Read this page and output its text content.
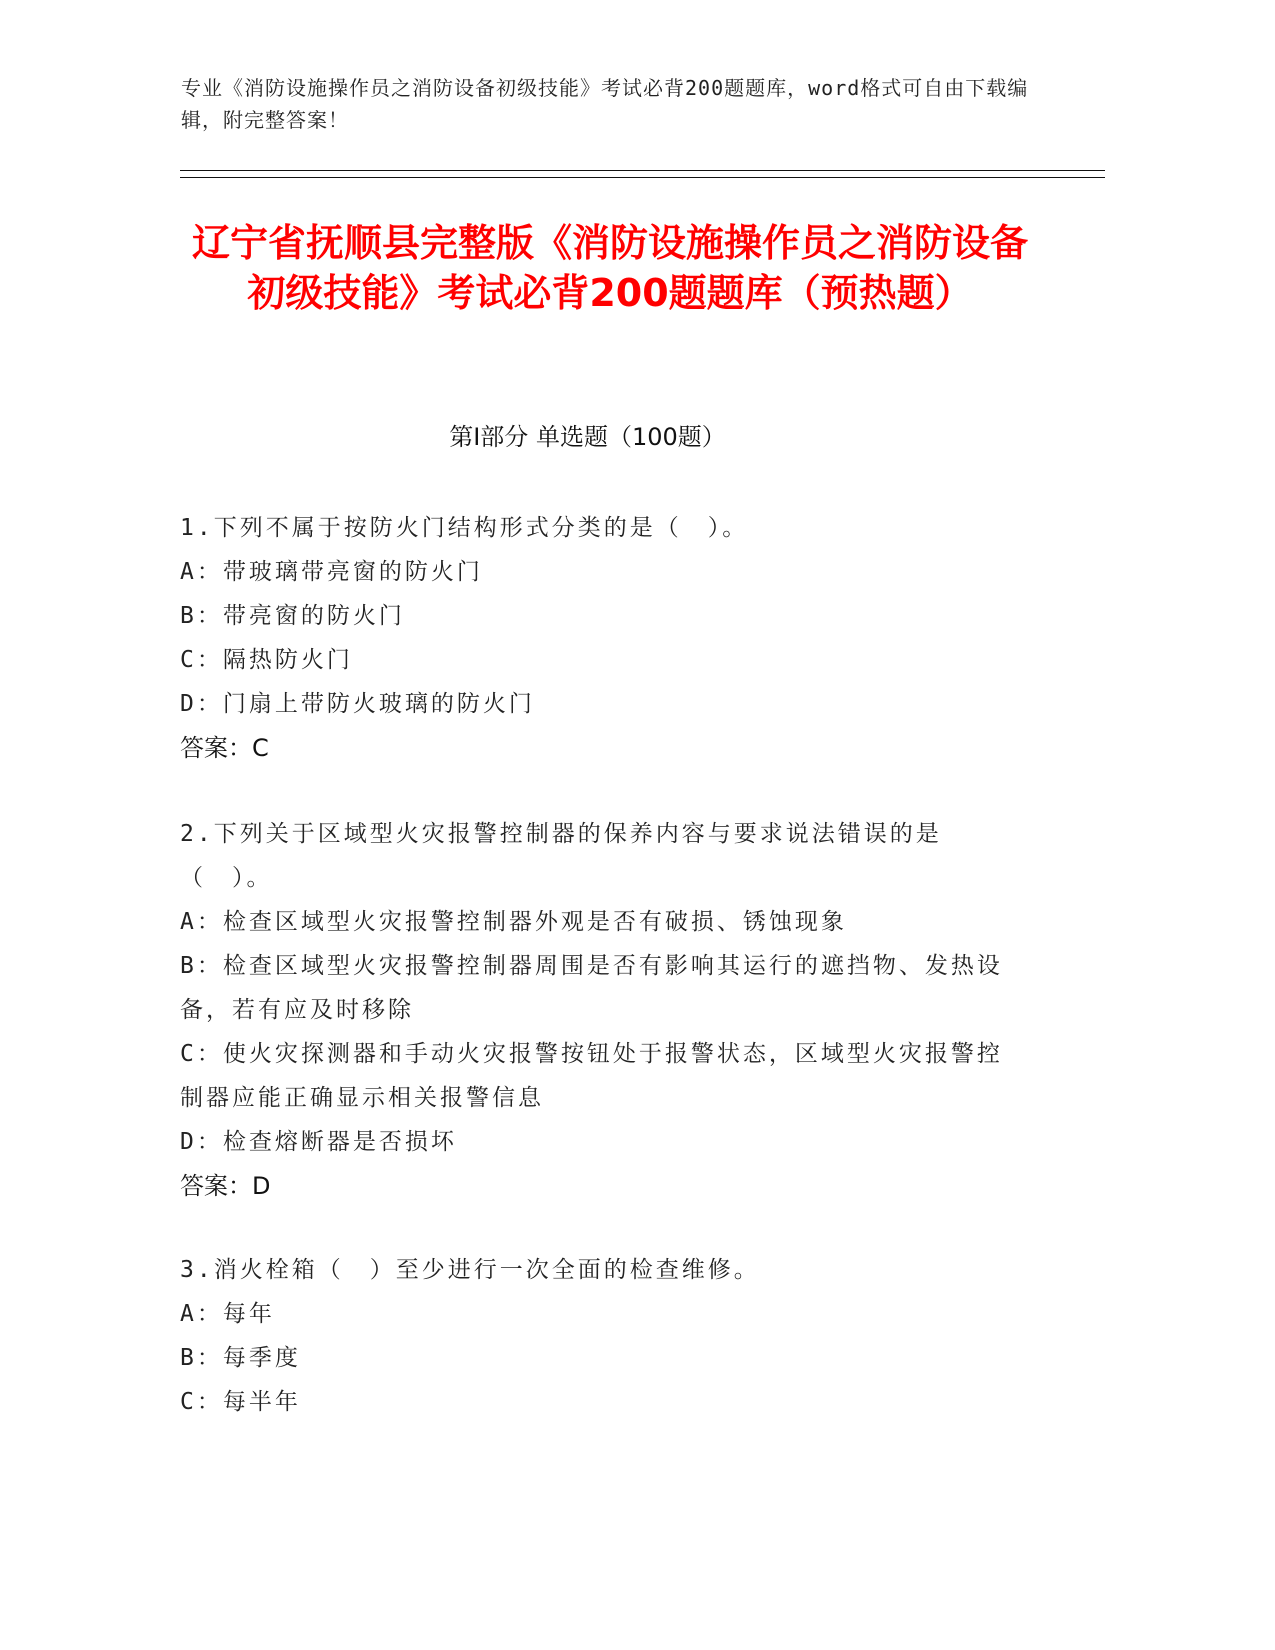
专业《消防设施操作员之消防设备初级技能》考试必背200题题库，word格式可自由下载编辑，附完整答案！
辽宁省抚顺县完整版《消防设施操作员之消防设备初级技能》考试必背200题题库（预热题）
第Ⅰ部分 单选题（100题）
1.下列不属于按防火门结构形式分类的是（　）。
A：带玻璃带亮窗的防火门
B：带亮窗的防火门
C：隔热防火门
D：门扇上带防火玻璃的防火门
答案：C
2.下列关于区域型火灾报警控制器的保养内容与要求说法错误的是（　）。
A：检查区域型火灾报警控制器外观是否有破损、锈蚀现象
B：检查区域型火灾报警控制器周围是否有影响其运行的遮挡物、发热设备，若有应及时移除
C：使火灾探测器和手动火灾报警按钮处于报警状态，区域型火灾报警控制器应能正确显示相关报警信息
D：检查熔断器是否损坏
答案：D
3.消火栓箱（　）至少进行一次全面的检查维修。
A：每年
B：每季度
C：每半年
